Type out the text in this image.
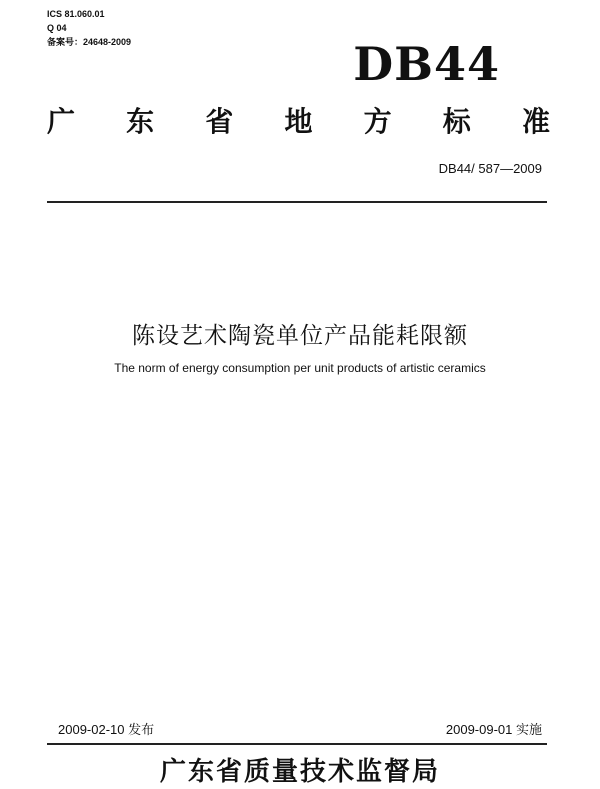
ICS 81.060.01
Q 04
备案号：24648-2009	DB44
广 东 省 地 方 标 准
DB44/ 587—2009
陈设艺术陶瓷单位产品能耗限额
The norm of energy consumption per unit products of artistic ceramics
2009-02-10 发布	2009-09-01 实施
广东省质量技术监督局
